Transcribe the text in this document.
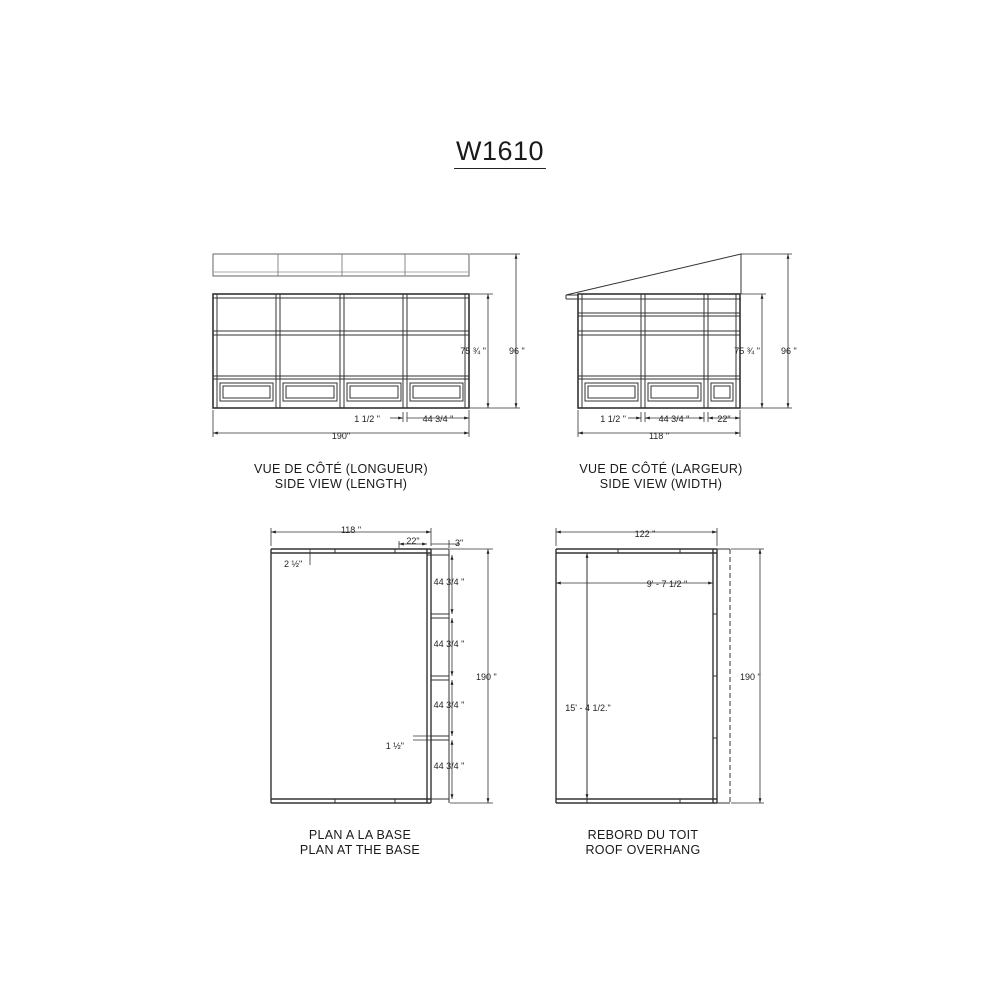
W1610
190"
1 1/2 "	44 3/4 "
75 ¾ "	96 "
118 "
1 1/2 "	44 3/4 "	22"
75 ¾ " 96 "
118 "
22"	3"
2 ½"
44 3/4 "
44 3/4 "
44 3/4 "
44 3/4 "
1 ½"
190 "
122 "
9' - 7 1/2 "
15' - 4 1/2."
190 "
VUE DE CÔTÉ (LONGUEUR)
SIDE VIEW (LENGTH)
VUE DE CÔTÉ (LARGEUR)
SIDE VIEW (WIDTH)
PLAN A LA BASE
PLAN AT THE BASE
REBORD DU TOIT
ROOF OVERHANG
